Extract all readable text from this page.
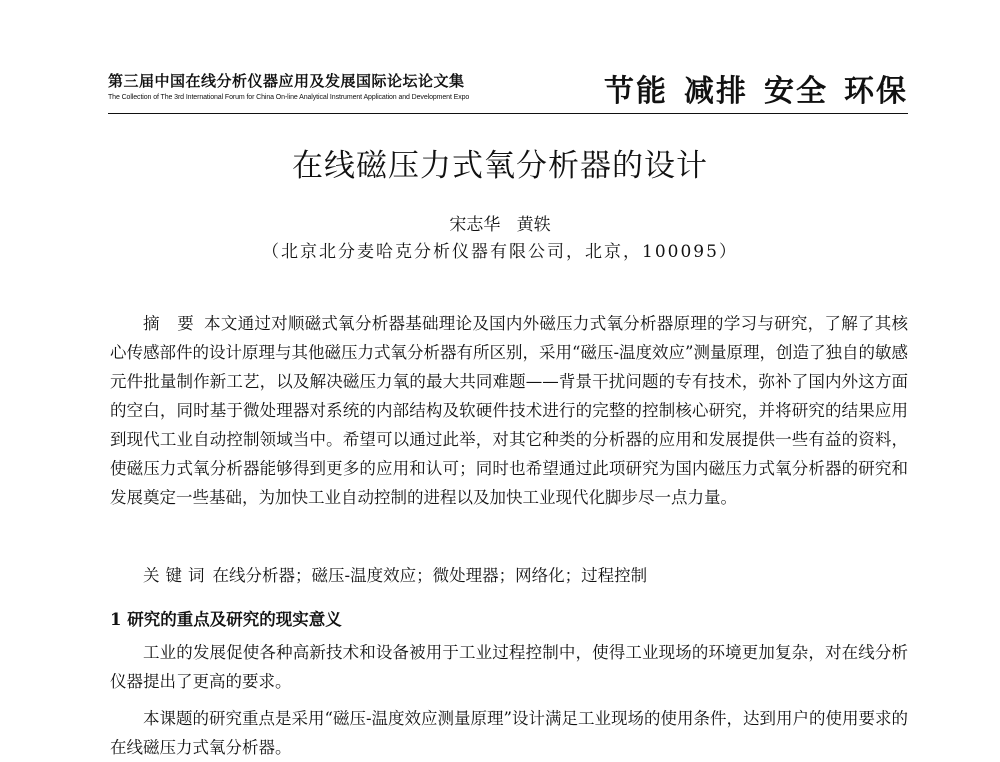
第三届中国在线分析仪器应用及发展国际论坛论文集
The Collection of The 3rd International Forum for China On-line Analytical Instrument Application and Development Expo	节能 减排 安全 环保
在线磁压力式氧分析器的设计
宋志华   黄轶
（北京北分麦哈克分析仪器有限公司，北京，100095）

摘 要 本文通过对顺磁式氧分析器基础理论及国内外磁压力式氧分析器原理的学习与研究，了解了其核心传感部件的设计原理与其他磁压力式氧分析器有所区别，采用“磁压-温度效应”测量原理，创造了独自的敏感元件批量制作新工艺，以及解决磁压力氧的最大共同难题——背景干扰问题的专有技术，弥补了国内外这方面的空白，同时基于微处理器对系统的内部结构及软硬件技术进行的完整的控制核心研究，并将研究的结果应用到现代工业自动控制领域当中。希望可以通过此举，对其它种类的分析器的应用和发展提供一些有益的资料，使磁压力式氧分析器能够得到更多的应用和认可；同时也希望通过此项研究为国内磁压力式氧分析器的研究和发展奠定一些基础，为加快工业自动控制的进程以及加快工业现代化脚步尽一点力量。

关键词 在线分析器；磁压-温度效应；微处理器；网络化；过程控制

1 研究的重点及研究的现实意义

工业的发展促使各种高新技术和设备被用于工业过程控制中，使得工业现场的环境更加复杂，对在线分析仪器提出了更高的要求。

本课题的研究重点是采用“磁压-温度效应测量原理”设计满足工业现场的使用条件，达到用户的使用要求的在线磁压力式氧分析器。
